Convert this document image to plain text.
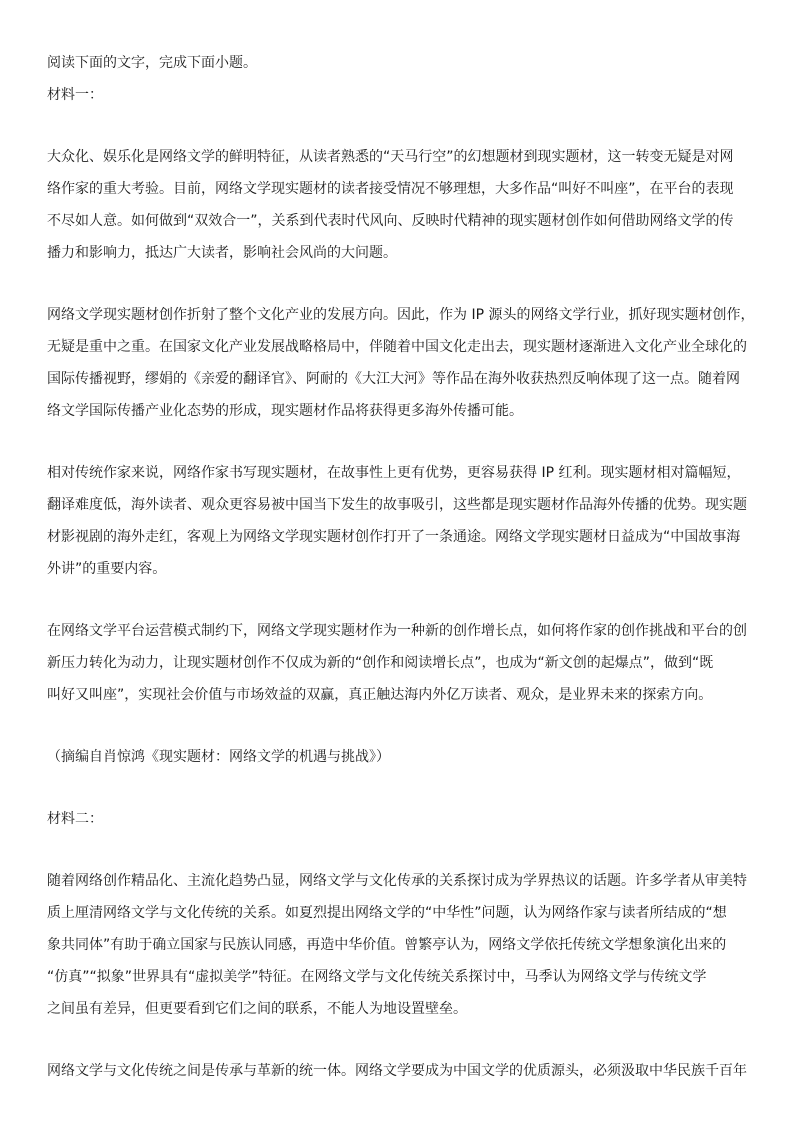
阅读下面的文字，完成下面小题。
材料一：
大众化、娱乐化是网络文学的鲜明特征，从读者熟悉的“天马行空”的幻想题材到现实题材，这一转变无疑是对网
络作家的重大考验。目前，网络文学现实题材的读者接受情况不够理想，大多作品“叫好不叫座”，在平台的表现
不尽如人意。如何做到“双效合一”，关系到代表时代风向、反映时代精神的现实题材创作如何借助网络文学的传
播力和影响力，抵达广大读者，影响社会风尚的大问题。
网络文学现实题材创作折射了整个文化产业的发展方向。因此，作为 IP 源头的网络文学行业，抓好现实题材创作，
无疑是重中之重。在国家文化产业发展战略格局中，伴随着中国文化走出去，现实题材逐渐进入文化产业全球化的
国际传播视野，缪娟的《亲爱的翻译官》、阿耐的《大江大河》等作品在海外收获热烈反响体现了这一点。随着网
络文学国际传播产业化态势的形成，现实题材作品将获得更多海外传播可能。
相对传统作家来说，网络作家书写现实题材，在故事性上更有优势，更容易获得 IP 红利。现实题材相对篇幅短，
翻译难度低，海外读者、观众更容易被中国当下发生的故事吸引，这些都是现实题材作品海外传播的优势。现实题
材影视剧的海外走红，客观上为网络文学现实题材创作打开了一条通途。网络文学现实题材日益成为“中国故事海
外讲”的重要内容。
在网络文学平台运营模式制约下，网络文学现实题材作为一种新的创作增长点，如何将作家的创作挑战和平台的创
新压力转化为动力，让现实题材创作不仅成为新的“创作和阅读增长点”，也成为“新文创的起爆点”，做到“既
叫好又叫座”，实现社会价值与市场效益的双赢，真正触达海内外亿万读者、观众，是业界未来的探索方向。
（摘编自肖惊鸿《现实题材：网络文学的机遇与挑战》）
材料二：
随着网络创作精品化、主流化趋势凸显，网络文学与文化传承的关系探讨成为学界热议的话题。许多学者从审美特
质上厘清网络文学与文化传统的关系。如夏烈提出网络文学的“中华性”问题，认为网络作家与读者所结成的“想
象共同体”有助于确立国家与民族认同感，再造中华价值。曾繁亭认为，网络文学依托传统文学想象演化出来的
“仿真”“拟象”世界具有“虚拟美学”特征。在网络文学与文化传统关系探讨中，马季认为网络文学与传统文学
之间虽有差异，但更要看到它们之间的联系，不能人为地设置壁垒。
网络文学与文化传统之间是传承与革新的统一体。网络文学要成为中国文学的优质源头，必须汲取中华民族千百年
